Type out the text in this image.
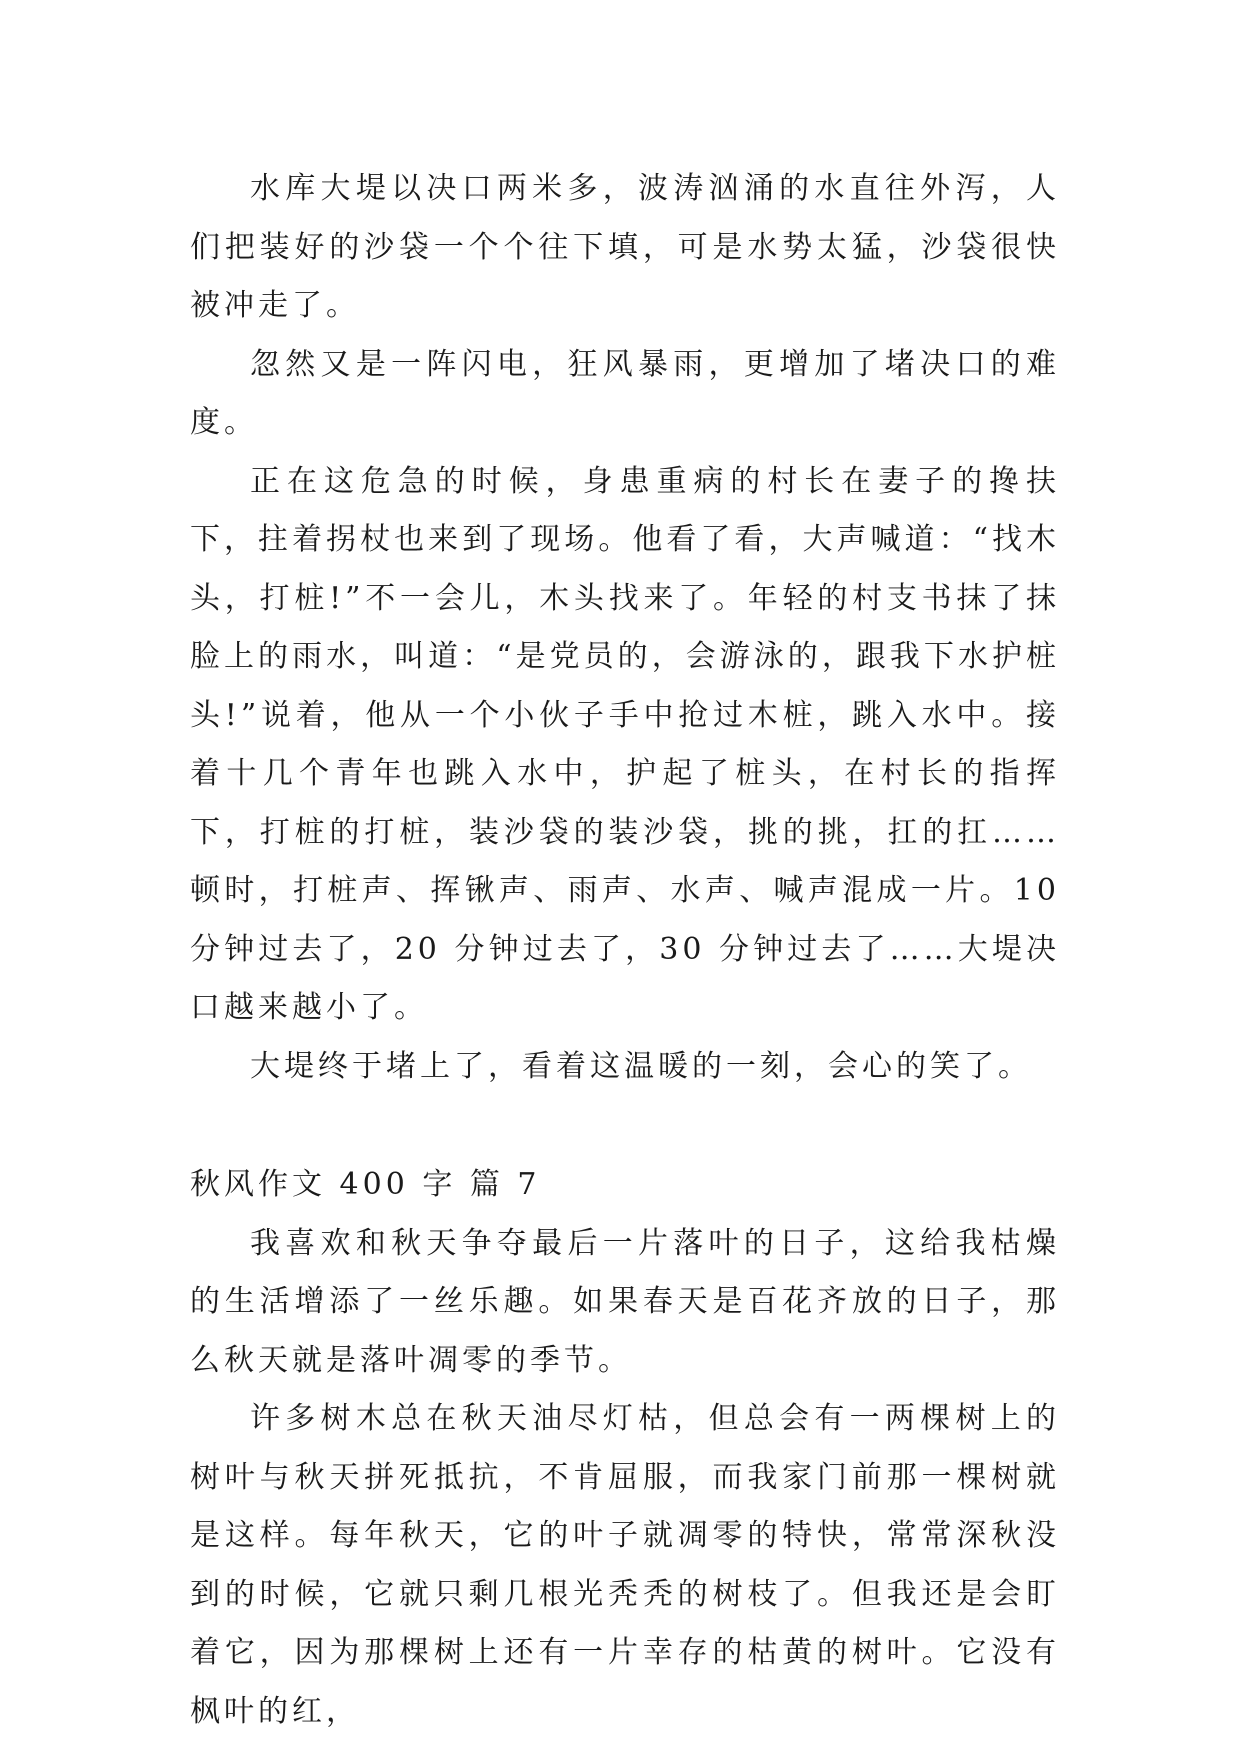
水库大堤以决口两米多，波涛汹涌的水直往外泻，人们把装好的沙袋一个个往下填，可是水势太猛，沙袋很快被冲走了。

忽然又是一阵闪电，狂风暴雨，更增加了堵决口的难度。

正在这危急的时候，身患重病的村长在妻子的搀扶下，拄着拐杖也来到了现场。他看了看，大声喊道：“找木头，打桩!”不一会儿，木头找来了。年轻的村支书抹了抹脸上的雨水，叫道：“是党员的，会游泳的，跟我下水护桩头!”说着，他从一个小伙子手中抢过木桩，跳入水中。接着十几个青年也跳入水中，护起了桩头，在村长的指挥下，打桩的打桩，装沙袋的装沙袋，挑的挑，扛的扛……顿时，打桩声、挥锹声、雨声、水声、喊声混成一片。10 分钟过去了，20 分钟过去了，30 分钟过去了……大堤决口越来越小了。

大堤终于堵上了，看着这温暖的一刻，会心的笑了。

秋风作文 400 字 篇 7

我喜欢和秋天争夺最后一片落叶的日子，这给我枯燥的生活增添了一丝乐趣。如果春天是百花齐放的日子，那么秋天就是落叶凋零的季节。

许多树木总在秋天油尽灯枯，但总会有一两棵树上的树叶与秋天拼死抵抗，不肯屈服，而我家门前那一棵树就是这样。每年秋天，它的叶子就凋零的特快，常常深秋没到的时候，它就只剩几根光秃秃的树枝了。但我还是会盯着它，因为那棵树上还有一片幸存的枯黄的树叶。它没有枫叶的红，
